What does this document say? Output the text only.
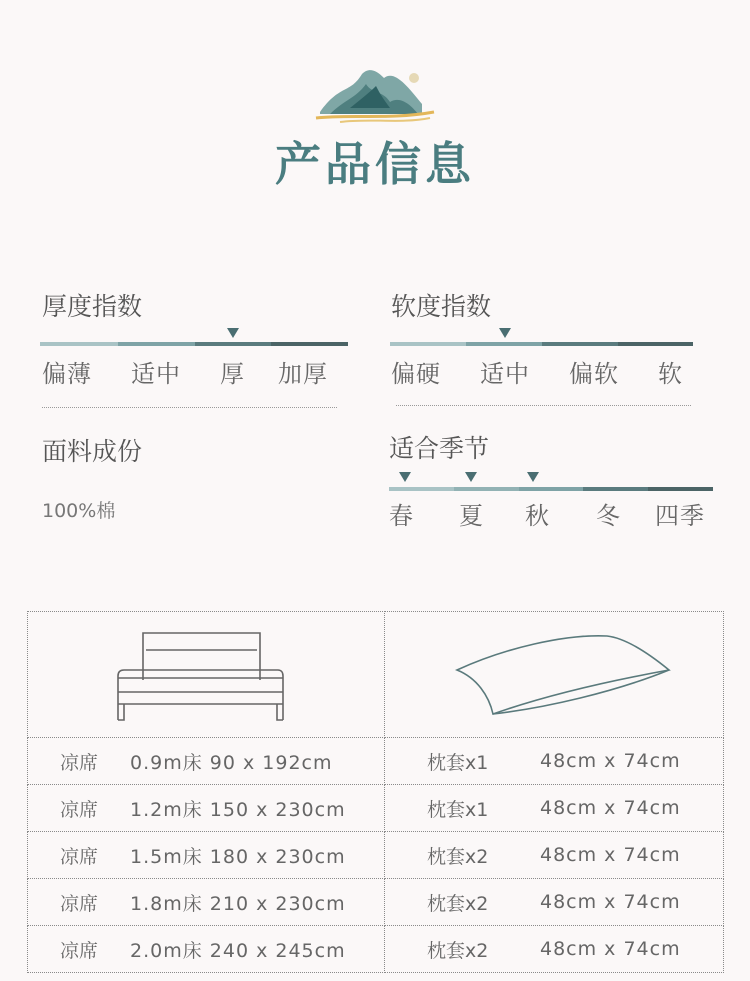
产品信息
厚度指数
偏薄 适中 厚 加厚
软度指数
偏硬 适中 偏软 软
面料成份
100%棉
适合季节
春 夏 秋 冬 四季

凉席 0.9m床 90 x 192cm	枕套x1 48cm x 74cm

凉席 1.2m床 150 x 230cm	枕套x1 48cm x 74cm

凉席 1.5m床 180 x 230cm	枕套x2 48cm x 74cm

凉席 1.8m床 210 x 230cm	枕套x2 48cm x 74cm

凉席 2.0m床 240 x 245cm	枕套x2 48cm x 74cm
